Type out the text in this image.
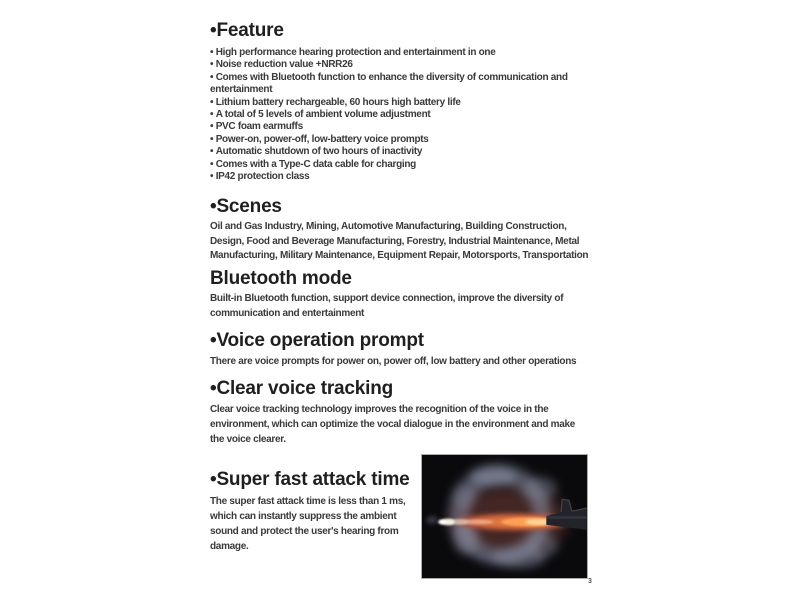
•Feature
• High performance hearing protection and entertainment in one
• Noise reduction value +NRR26
• Comes with Bluetooth function to enhance the diversity of communication and entertainment
• Lithium battery rechargeable, 60 hours high battery life
• A total of 5 levels of ambient volume adjustment
• PVC foam earmuffs
• Power-on, power-off, low-battery voice prompts
• Automatic shutdown of two hours of inactivity
• Comes with a Type-C data cable for charging
• IP42 protection class
•Scenes

Oil and Gas Industry, Mining, Automotive Manufacturing, Building Construction, Design, Food and Beverage Manufacturing, Forestry, Industrial Maintenance, Metal Manufacturing, Military Maintenance, Equipment Repair, Motorsports, Transportation

Bluetooth mode

Built-in Bluetooth function, support device connection, improve the diversity of communication and entertainment

•Voice operation prompt

There are voice prompts for power on, power off, low battery and other operations

•Clear voice tracking

Clear voice tracking technology improves the recognition of the voice in the environment, which can optimize the vocal dialogue in the environment and make the voice clearer.

•Super fast attack time

The super fast attack time is less than 1 ms, which can instantly suppress the ambient sound and protect the user's hearing from damage.

3
